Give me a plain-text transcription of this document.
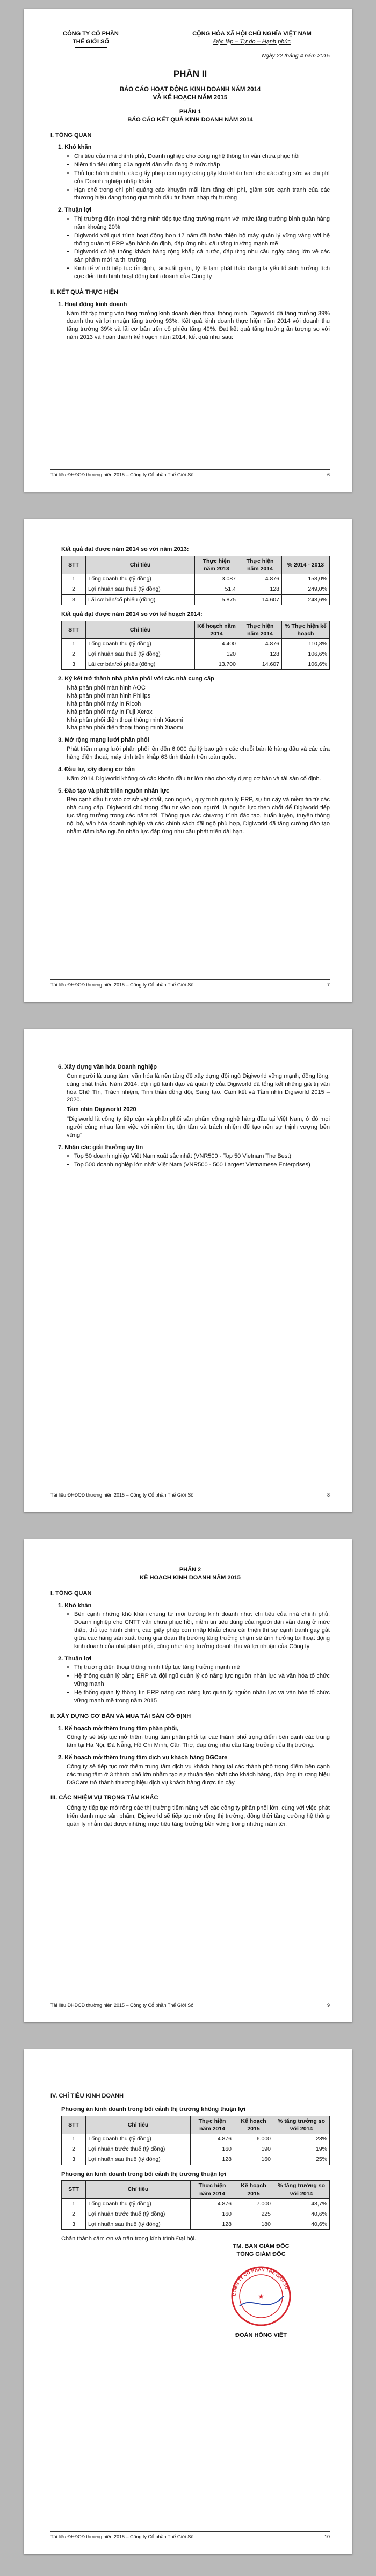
CÔNG TY CỔ PHẦN
THẾ GIỚI SỐ
CỘNG HÒA XÃ HỘI CHỦ NGHĨA VIỆT NAM
Độc lập – Tự do – Hạnh phúc
Ngày 22 tháng 4 năm 2015
PHẦN II
BÁO CÁO HOẠT ĐỘNG KINH DOANH NĂM 2014
VÀ KẾ HOẠCH NĂM 2015
PHẦN 1
BÁO CÁO KẾT QUẢ KINH DOANH NĂM 2014
I. TỔNG QUAN
1. Khó khăn
• Chi tiêu của nhà chính phủ, Doanh nghiệp cho công nghệ thông tin vẫn chưa phục hồi
• Niềm tin tiêu dùng của người dân vẫn đang ở mức thấp
• Thủ tục hành chính, các giấy phép con ngày càng gây khó khăn hơn cho các công sức và chi phí của Doanh nghiệp nhập khẩu
• Hạn chế trong chi phí quảng cáo khuyến mãi làm tăng chi phí, giảm sức cạnh tranh của các thương hiệu đang trong quá trình đầu tư thâm nhập thị trường
2. Thuận lợi
• Thị trường điện thoại thông minh tiếp tục tăng trưởng mạnh với mức tăng trưởng bình quân hàng năm khoảng 20%
• Digiworld với quá trình hoạt động hơn 17 năm đã hoàn thiện bộ máy quản lý vững vàng với hệ thống quản trị ERP vận hành ổn định, đáp ứng nhu cầu tăng trưởng mạnh mẽ
• Digiworld có hệ thống khách hàng rộng khắp cả nước, đáp ứng nhu cầu ngày càng lớn về các sản phẩm mới ra thị trường
• Kinh tế vĩ mô tiếp tục ổn định, lãi suất giảm, tỷ lệ lạm phát thấp đang là yếu tố ảnh hưởng tích cực đến tình hình hoạt động kinh doanh của Công ty
II. KẾT QUẢ THỰC HIỆN
1. Hoạt động kinh doanh
Năm tốt tập trung vào tăng trưởng kinh doanh điện thoại thông minh. Digiworld đã tăng trưởng 39% doanh thu và lợi nhuận tăng trưởng 93%. Kết quả kinh doanh thực hiện năm 2014 với doanh thu tăng trưởng 39% và lãi cơ bản trên cổ phiếu tăng 49%. Đạt kết quả tăng trưởng ấn tượng so với năm 2013 và hoàn thành kế hoạch năm 2014, kết quả như sau:
Tài liệu ĐHĐCĐ thường niên 2015 – Công ty Cổ phần Thế Giới Số	6
Kết quả đạt được năm 2014 so với năm 2013:
STT	Chỉ tiêu	Thực hiện năm 2013	Thực hiện năm 2014	% 2014 - 2013
1	Tổng doanh thu (tỷ đồng)	3.087	4.876	158,0%
2	Lợi nhuận sau thuế (tỷ đồng)	51,4	128	249,0%
3	Lãi cơ bản/cổ phiếu (đồng)	5.875	14.607	248,6%
Kết quả đạt được năm 2014 so với kế hoạch 2014:
STT	Chỉ tiêu	Kế hoạch năm 2014	Thực hiện năm 2014	% Thực hiện kế hoạch
1	Tổng doanh thu (tỷ đồng)	4.400	4.876	110,8%
2	Lợi nhuận sau thuế (tỷ đồng)	120	128	106,6%
3	Lãi cơ bản/cổ phiếu (đồng)	13.700	14.607	106,6%
2. Ký kết trở thành nhà phân phối với các nhà cung cấp
Nhà phân phối màn hình AOC
Nhà phân phối màn hình Philips
Nhà phân phối máy in Ricoh
Nhà phân phối máy in Fuji Xerox
Nhà phân phối điện thoại thông minh Xiaomi
Nhà phân phối điện thoại thông minh Xiaomi
3. Mở rộng mạng lưới phân phối
Phát triển mạng lưới phân phối lên đến 6.000 đại lý bao gồm các chuỗi bán lẻ hàng đầu và các cửa hàng điện thoại, máy tính trên khắp 63 tỉnh thành trên toàn quốc.
4. Đầu tư, xây dựng cơ bản
Năm 2014 Digiworld không có các khoản đầu tư lớn nào cho xây dựng cơ bản và tài sản cố định.
5. Đào tạo và phát triển nguồn nhân lực
Bên cạnh đầu tư vào cơ sở vật chất, con người, quy trình quản lý ERP, sự tin cậy và niềm tin từ các nhà cung cấp, Digiworld chú trọng đầu tư vào con người, là nguồn lực then chốt để Digiworld tiếp tục tăng trưởng trong các năm tới. Thông qua các chương trình đào tạo, huấn luyện, truyền thông nội bộ, văn hóa doanh nghiệp và các chính sách đãi ngộ phù hợp, Digiworld đã tăng cường đào tạo nhằm đảm bảo nguồn nhân lực đáp ứng nhu cầu phát triển dài hạn.
Tài liệu ĐHĐCĐ thường niên 2015 – Công ty Cổ phần Thế Giới Số	7
6. Xây dựng văn hóa Doanh nghiệp
Con người là trung tâm, văn hóa là nền tảng để xây dựng đội ngũ Digiworld vững mạnh, đồng lòng, cùng phát triển. Năm 2014, đội ngũ lãnh đạo và quản lý của Digiworld đã tổng kết những giá trị văn hóa Chữ Tín, Trách nhiệm, Tinh thần đồng đội, Sáng tạo. Cam kết và Tầm nhìn Digiworld 2015 – 2020.
Tầm nhìn Digiworld 2020
"Digiworld là công ty tiếp cận và phân phối sản phẩm công nghệ hàng đầu tại Việt Nam, ở đó mọi người cùng nhau làm việc với niềm tin, tận tâm và trách nhiệm để tạo nên sự thịnh vượng bền vững"
7. Nhận các giải thưởng uy tín
• Top 50 doanh nghiệp Việt Nam xuất sắc nhất (VNR500 - Top 50 Vietnam The Best)
• Top 500 doanh nghiệp lớn nhất Việt Nam (VNR500 - 500 Largest Vietnamese Enterprises)
Tài liệu ĐHĐCĐ thường niên 2015 – Công ty Cổ phần Thế Giới Số	8
PHẦN 2
KẾ HOẠCH KINH DOANH NĂM 2015
I. TỔNG QUAN
1. Khó khăn
• Bên cạnh những khó khăn chung từ môi trường kinh doanh như: chi tiêu của nhà chính phủ, Doanh nghiệp cho CNTT vẫn chưa phục hồi, niềm tin tiêu dùng của người dân vẫn đang ở mức thấp, thủ tục hành chính, các giấy phép con nhập khẩu chưa cải thiện thì sự cạnh tranh gay gắt giữa các hãng sản xuất trong giai đoạn thị trường tăng trưởng chậm sẽ ảnh hưởng tới hoạt động kinh doanh của nhà phân phối, cũng như tăng trưởng doanh thu và lợi nhuận của Công ty
2. Thuận lợi
• Thị trường điện thoại thông minh tiếp tục tăng trưởng mạnh mẽ
• Hệ thống quản lý bằng ERP và đội ngũ quản lý có năng lực nguồn nhân lực và văn hóa tổ chức vững mạnh
• Hệ thống quản lý thông tin ERP nâng cao năng lực quản lý nguồn nhân lực và văn hóa tổ chức vững mạnh mẽ trong năm 2015
II. XÂY DỰNG CƠ BẢN VÀ MUA TÀI SẢN CỐ ĐỊNH
1. Kế hoạch mở thêm trung tâm phân phối,
Công ty sẽ tiếp tục mở thêm trung tâm phân phối tại các thành phố trọng điểm bên cạnh các trung tâm tại Hà Nội, Đà Nẵng, Hồ Chí Minh, Cần Thơ, đáp ứng nhu cầu tăng trưởng của thị trường.
2. Kế hoạch mở thêm trung tâm dịch vụ khách hàng DGCare
Công ty sẽ tiếp tục mở thêm trung tâm dịch vụ khách hàng tại các thành phố trọng điểm bên cạnh các trung tâm ở 3 thành phố lớn nhằm tạo sự thuận tiện nhất cho khách hàng, đáp ứng thương hiệu DGCare trở thành thương hiệu dịch vụ khách hàng được tin cậy.
III. CÁC NHIỆM VỤ TRỌNG TÂM KHÁC
Công ty tiếp tục mở rộng các thị trường tiềm năng với các công ty phân phối lớn, cùng với việc phát triển danh mục sản phẩm, Digiworld sẽ tiếp tục mở rộng thị trường, đồng thời tăng cường hệ thống quản lý nhằm đạt được những mục tiêu tăng trưởng bền vững trong những năm tới.
Tài liệu ĐHĐCĐ thường niên 2015 – Công ty Cổ phần Thế Giới Số	9
IV. CHỈ TIÊU KINH DOANH
Phương án kinh doanh trong bối cảnh thị trường không thuận lợi
STT	Chỉ tiêu	Thực hiện năm 2014	Kế hoạch 2015	% tăng trưởng so với 2014
1	Tổng doanh thu (tỷ đồng)	4.876	6.000	23%
2	Lợi nhuận trước thuế (tỷ đồng)	160	190	19%
3	Lợi nhuận sau thuế (tỷ đồng)	128	160	25%
Phương án kinh doanh trong bối cảnh thị trường thuận lợi
STT	Chỉ tiêu	Thực hiện năm 2014	Kế hoạch 2015	% tăng trưởng so với 2014
1	Tổng doanh thu (tỷ đồng)	4.876	7.000	43,7%
2	Lợi nhuận trước thuế (tỷ đồng)	160	225	40,6%
3	Lợi nhuận sau thuế (tỷ đồng)	128	180	40,6%
Chân thành cảm ơn và trân trọng kính trình Đại hội.
TM. BAN GIÁM ĐỐC
TỔNG GIÁM ĐỐC
CÔNG TY CỔ PHẦN THẾ GIỚI SỐ
★
ĐOÀN HỒNG VIỆT
Tài liệu ĐHĐCĐ thường niên 2015 – Công ty Cổ phần Thế Giới Số	10
